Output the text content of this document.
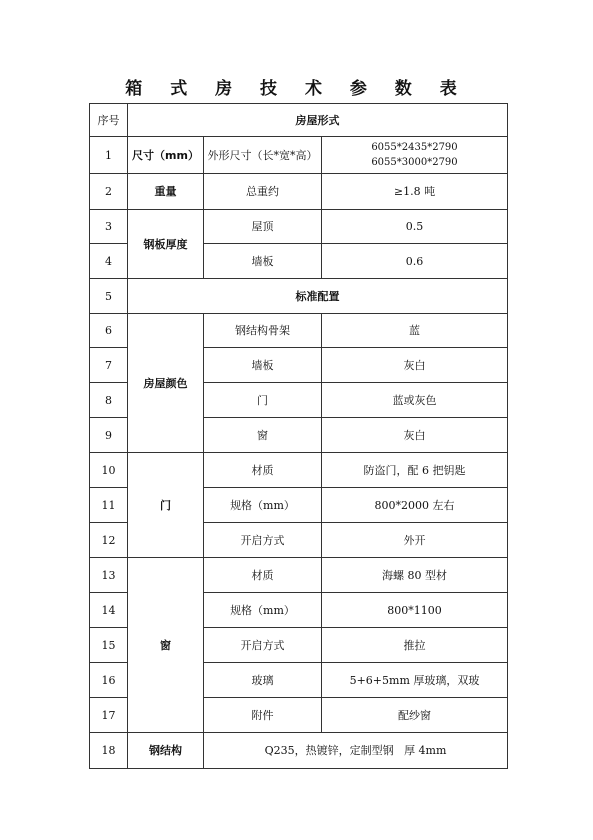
箱 式 房 技 术 参 数 表
序号	房屋形式		
1	尺寸（mm）	外形尺寸（长*宽*高）	6055*2435*2790
6055*3000*2790

2	重量	总重约	≥1.8 吨
3	钢板厚度	屋顶	0.5
4		墙板	0.6
5	标准配置		
6	房屋颜色	钢结构骨架	蓝
7		墙板	灰白
8		门	蓝或灰色
9		窗	灰白
10	门	材质	防盗门，配 6 把钥匙
11		规格（mm）	800*2000 左右
12		开启方式	外开
13	窗	材质	海螺 80 型材
14		规格（mm）	800*1100
15		开启方式	推拉
16		玻璃	5+6+5mm 厚玻璃，双玻
17		附件	配纱窗
18	钢结构	Q235，热镀锌，定制型钢   厚 4mm	
